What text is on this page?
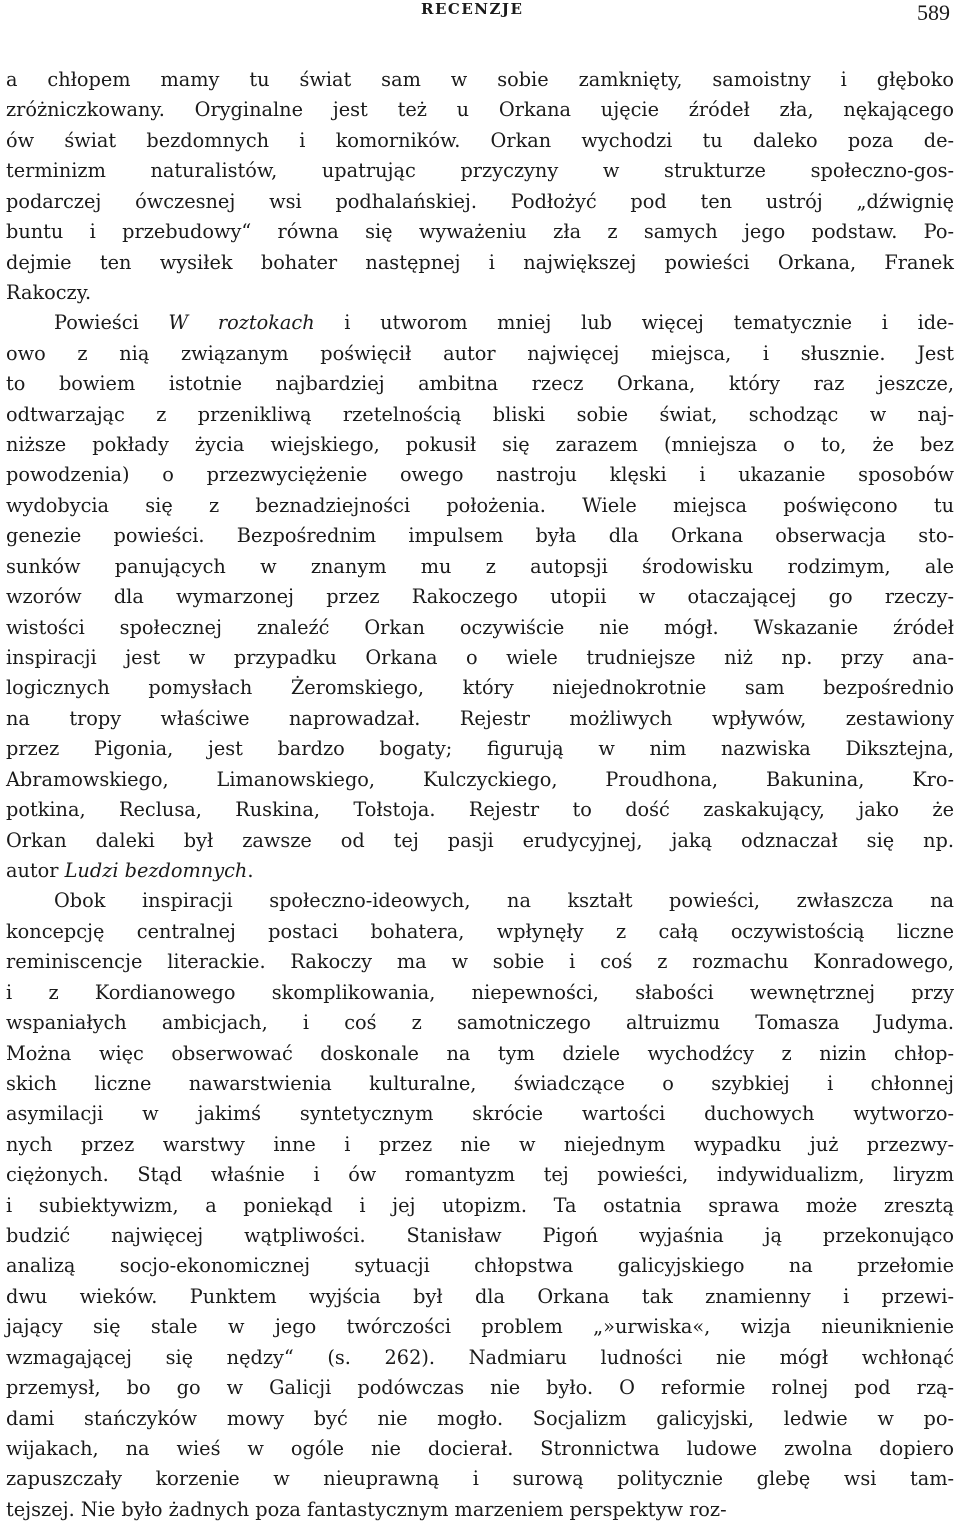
RECENZJE	589
a chłopem mamy tu świat sam w sobie zamknięty, samoistny i głęboko
zróżniczkowany. Oryginalne jest też u Orkana ujęcie źródeł zła, nękającego
ów świat bezdomnych i komorników. Orkan wychodzi tu daleko poza de-
terminizm naturalistów, upatrując przyczyny w strukturze społeczno-gos-
podarczej ówczesnej wsi podhalańskiej. Podłożyć pod ten ustrój „dźwignię
buntu i przebudowy“ równa się wyważeniu zła z samych jego podstaw. Po-
dejmie ten wysiłek bohater następnej i największej powieści Orkana, Franek
Rakoczy.
Powieści W roztokach i utworom mniej lub więcej tematycznie i ide-
owo z nią związanym poświęcił autor najwięcej miejsca, i słusznie. Jest
to bowiem istotnie najbardziej ambitna rzecz Orkana, który raz jeszcze,
odtwarzając z przenikliwą rzetelnością bliski sobie świat, schodząc w naj-
niższe pokłady życia wiejskiego, pokusił się zarazem (mniejsza o to, że bez
powodzenia) o przezwyciężenie owego nastroju klęski i ukazanie sposobów
wydobycia się z beznadziejności położenia. Wiele miejsca poświęcono tu
genezie powieści. Bezpośrednim impulsem była dla Orkana obserwacja sto-
sunków panujących w znanym mu z autopsji środowisku rodzimym, ale
wzorów dla wymarzonej przez Rakoczego utopii w otaczającej go rzeczy-
wistości społecznej znaleźć Orkan oczywiście nie mógł. Wskazanie źródeł
inspiracji jest w przypadku Orkana o wiele trudniejsze niż np. przy ana-
logicznych pomysłach Żeromskiego, który niejednokrotnie sam bezpośrednio
na tropy właściwe naprowadzał. Rejestr możliwych wpływów, zestawiony
przez Pigonia, jest bardzo bogaty; figurują w nim nazwiska Dikszteјna,
Abramowskiego, Limanowskiego, Kulczyckiego, Proudhona, Bakunina, Kro-
potkina, Reclusa, Ruskina, Tołstoja. Rejestr to dość zaskakujący, jako że
Orkan daleki był zawsze od tej pasji erudycyjnej, jaką odznaczał się np.
autor Ludzi bezdomnych.
Obok inspiracji społeczno-ideowych, na kształt powieści, zwłaszcza na
koncepcję centralnej postaci bohatera, wpłynęły z całą oczywistością liczne
reminiscencje literackie. Rakoczy ma w sobie i coś z rozmachu Konradowego,
i z Kordianowego skomplikowania, niepewności, słabości wewnętrznej przy
wspaniałych ambicjach, i coś z samotniczego altruizmu Tomasza Judyma.
Można więc obserwować doskonale na tym dziele wychodźcy z nizin chłop-
skich liczne nawarstwienia kulturalne, świadczące o szybkiej i chłonnej
asymilacji w jakimś syntetycznym skrócie wartości duchowych wytworzo-
nych przez warstwy inne i przez nie w niejednym wypadku już przezwy-
ciężonych. Stąd właśnie i ów romantyzm tej powieści, indywidualizm, liryzm
i subiektywizm, a poniekąd i jej utopizm. Ta ostatnia sprawa może zresztą
budzić najwięcej wątpliwości. Stanisław Pigoń wyjaśnia ją przekonująco
analizą socjo-ekonomicznej sytuacji chłopstwa galicyjskiego na przełomie
dwu wieków. Punktem wyjścia był dla Orkana tak znamienny i przewi-
jający się stale w jego twórczości problem „»urwiska«, wizja nieuniknienie
wzmagającej się nędzy“ (s. 262). Nadmiaru ludności nie mógł wchłonąć
przemysł, bo go w Galicji podówczas nie było. O reformie rolnej pod rzą-
dami stańczyków mowy być nie mogło. Socjalizm galicyjski, ledwie w po-
wijakach, na wieś w ogóle nie docierał. Stronnictwa ludowe zwolna dopiero
zapuszczały korzenie w nieuprawną i surową polityczniе glebę wsi tam-
tejszej. Nie było żadnych poza fantastycznym marzeniem perspektyw roz-
